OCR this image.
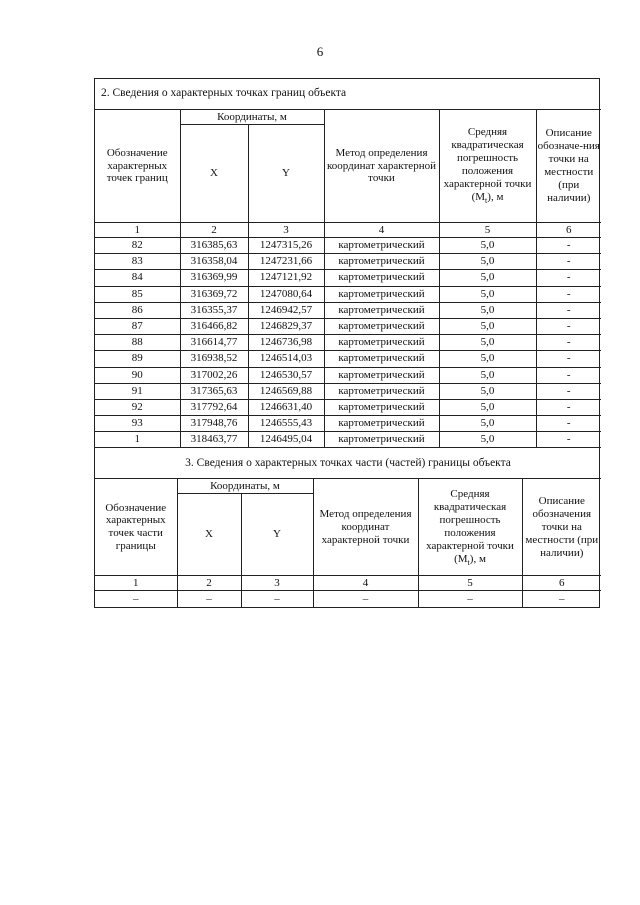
6
2. Сведения о характерных точках границ объекта					
Обозначение характерных точек границ	Координаты, м		Метод определения координат характерной точки	Средняя квадратическая погрешность положения характерной точки $(М_t)$, м	Описание обозначе-ния точки на местности (при наличии)
	X	Y			
1	2	3	4	5	6
82	316385,63	1247315,26	картометрический	5,0	-
83	316358,04	1247231,66	картометрический	5,0	-
84	316369,99	1247121,92	картометрический	5,0	-
85	316369,72	1247080,64	картометрический	5,0	-
86	316355,37	1246942,57	картометрический	5,0	-
87	316466,82	1246829,37	картометрический	5,0	-
88	316614,77	1246736,98	картометрический	5,0	-
89	316938,52	1246514,03	картометрический	5,0	-
90	317002,26	1246530,57	картометрический	5,0	-
91	317365,63	1246569,88	картометрический	5,0	-
92	317792,64	1246631,40	картометрический	5,0	-
93	317948,76	1246555,43	картометрический	5,0	-
1	318463,77	1246495,04	картометрический	5,0	-
3. Сведения о характерных точках части (частей) границы объекта					
Обозначение характерных точек части границы	Координаты, м		Метод определения координат характерной точки	Средняя квадратическая погрешность положения характерной точки $(М_t)$, м	Описание обозначения точки на местности (при наличии)
	X	Y			
1	2	3	4	5	6
–	–	–	–	–	–
